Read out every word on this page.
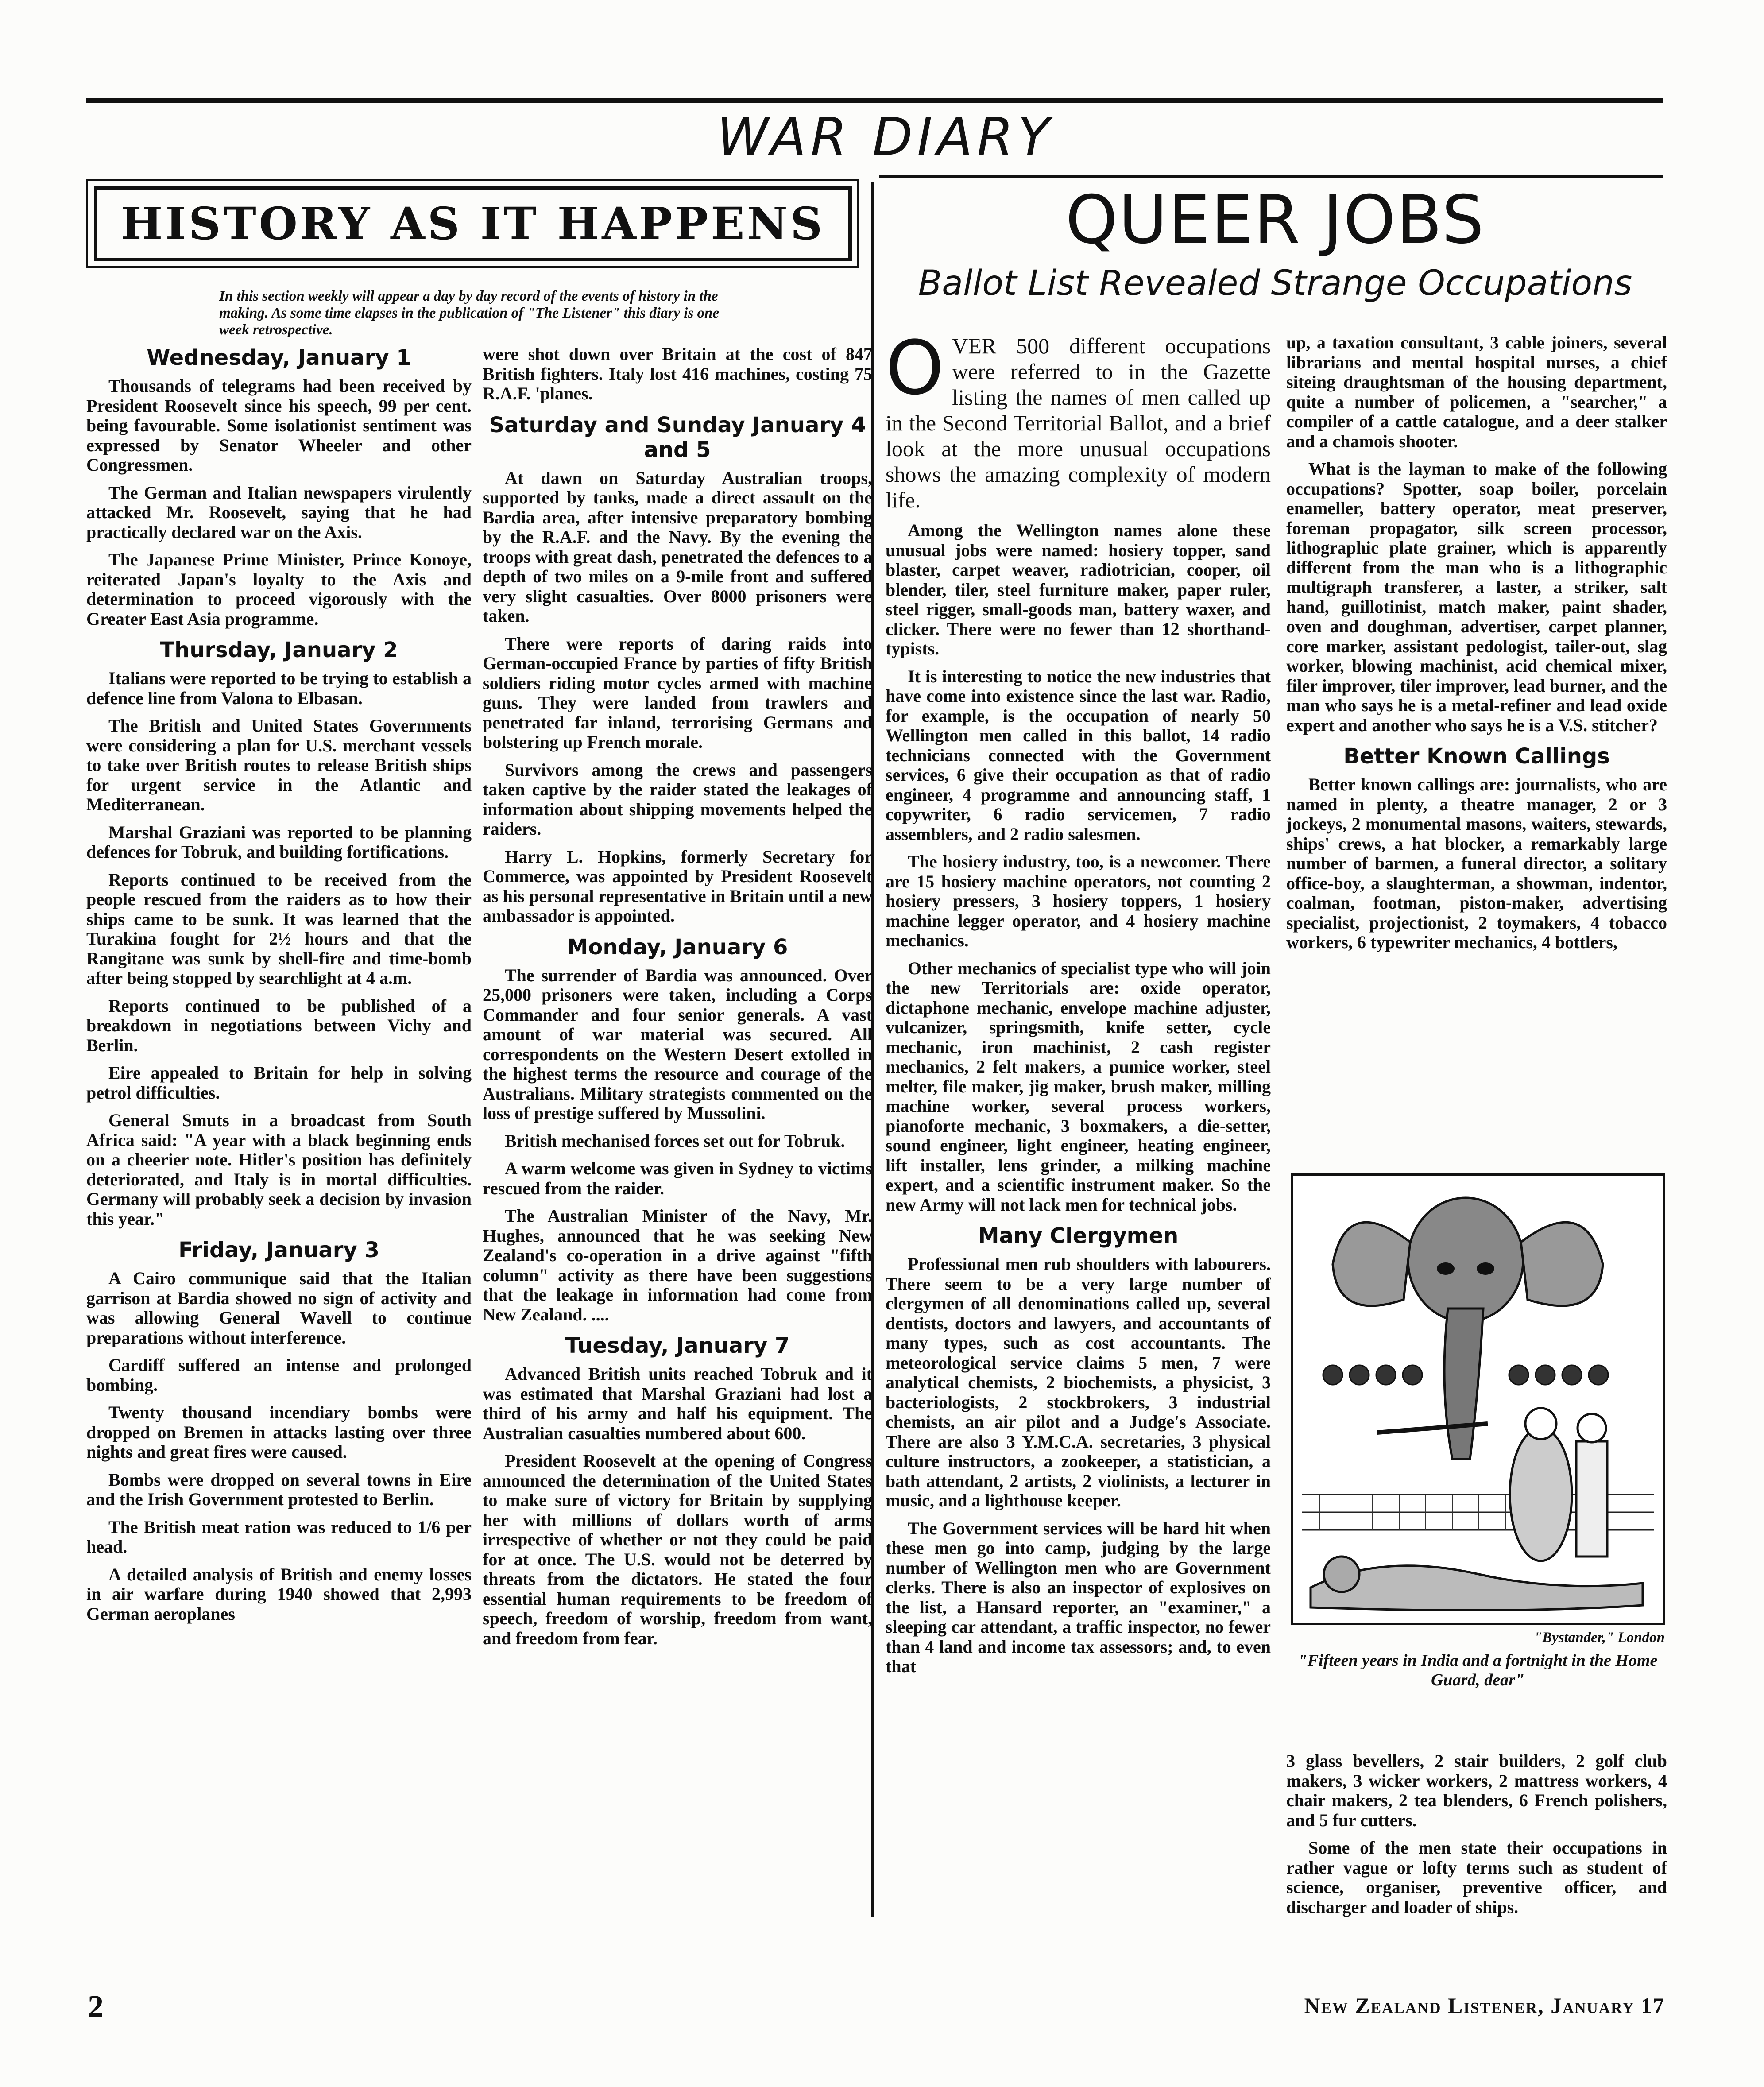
WAR DIARY
HISTORY AS IT HAPPENS

In this section weekly will appear a day by day record of the events of history in the making. As some time elapses in the publication of "The Listener" this diary is one week retrospective.

Wednesday, January 1

Thousands of telegrams had been received by President Roosevelt since his speech, 99 per cent. being favourable. Some isolationist sentiment was expressed by Senator Wheeler and other Congressmen.

The German and Italian newspapers virulently attacked Mr. Roosevelt, saying that he had practically declared war on the Axis.

The Japanese Prime Minister, Prince Konoye, reiterated Japan's loyalty to the Axis and determination to proceed vigorously with the Greater East Asia programme.

Thursday, January 2

Italians were reported to be trying to establish a defence line from Valona to Elbasan.

The British and United States Governments were considering a plan for U.S. merchant vessels to take over British routes to release British ships for urgent service in the Atlantic and Mediterranean.

Marshal Graziani was reported to be planning defences for Tobruk, and building fortifications.

Reports continued to be received from the people rescued from the raiders as to how their ships came to be sunk. It was learned that the Turakina fought for 2½ hours and that the Rangitane was sunk by shell-fire and time-bomb after being stopped by searchlight at 4 a.m.

Reports continued to be published of a breakdown in negotiations between Vichy and Berlin.

Eire appealed to Britain for help in solving petrol difficulties.

General Smuts in a broadcast from South Africa said: "A year with a black beginning ends on a cheerier note. Hitler's position has definitely deteriorated, and Italy is in mortal difficulties. Germany will probably seek a decision by invasion this year."

Friday, January 3

A Cairo communique said that the Italian garrison at Bardia showed no sign of activity and was allowing General Wavell to continue preparations without interference.

Cardiff suffered an intense and prolonged bombing.

Twenty thousand incendiary bombs were dropped on Bremen in attacks lasting over three nights and great fires were caused.

Bombs were dropped on several towns in Eire and the Irish Government protested to Berlin.

The British meat ration was reduced to 1/6 per head.

A detailed analysis of British and enemy losses in air warfare during 1940 showed that 2,993 German aeroplanes

were shot down over Britain at the cost of 847 British fighters. Italy lost 416 machines, costing 75 R.A.F. 'planes.

Saturday and Sunday January 4 and 5

At dawn on Saturday Australian troops, supported by tanks, made a direct assault on the Bardia area, after intensive preparatory bombing by the R.A.F. and the Navy. By the evening the troops with great dash, penetrated the defences to a depth of two miles on a 9-mile front and suffered very slight casualties. Over 8000 prisoners were taken.

There were reports of daring raids into German-occupied France by parties of fifty British soldiers riding motor cycles armed with machine guns. They were landed from trawlers and penetrated far inland, terrorising Germans and bolstering up French morale.

Survivors among the crews and passengers taken captive by the raider stated the leakages of information about shipping movements helped the raiders.

Harry L. Hopkins, formerly Secretary for Commerce, was appointed by President Roosevelt as his personal representative in Britain until a new ambassador is appointed.

Monday, January 6

The surrender of Bardia was announced. Over 25,000 prisoners were taken, including a Corps Commander and four senior generals. A vast amount of war material was secured. All correspondents on the Western Desert extolled in the highest terms the resource and courage of the Australians. Military strategists commented on the loss of prestige suffered by Mussolini.

British mechanised forces set out for Tobruk.

A warm welcome was given in Sydney to victims rescued from the raider.

The Australian Minister of the Navy, Mr. Hughes, announced that he was seeking New Zealand's co-operation in a drive against "fifth column" activity as there have been suggestions that the leakage in information had come from New Zealand. ....

Tuesday, January 7

Advanced British units reached Tobruk and it was estimated that Marshal Graziani had lost a third of his army and half his equipment. The Australian casualties numbered about 600.

President Roosevelt at the opening of Congress announced the determination of the United States to make sure of victory for Britain by supplying her with millions of dollars worth of arms irrespective of whether or not they could be paid for at once. The U.S. would not be deterred by threats from the dictators. He stated the four essential human requirements to be freedom of speech, freedom of worship, freedom from want, and freedom from fear.

QUEER JOBS
Ballot List Revealed Strange Occupations

OVER 500 different occupations were referred to in the Gazette listing the names of men called up in the Second Territorial Ballot, and a brief look at the more unusual occupations shows the amazing complexity of modern life.

Among the Wellington names alone these unusual jobs were named: hosiery topper, sand blaster, carpet weaver, radiotrician, cooper, oil blender, tiler, steel furniture maker, paper ruler, steel rigger, small-goods man, battery waxer, and clicker. There were no fewer than 12 shorthand-typists.

It is interesting to notice the new industries that have come into existence since the last war. Radio, for example, is the occupation of nearly 50 Wellington men called in this ballot, 14 radio technicians connected with the Government services, 6 give their occupation as that of radio engineer, 4 programme and announcing staff, 1 copywriter, 6 radio servicemen, 7 radio assemblers, and 2 radio salesmen.

The hosiery industry, too, is a newcomer. There are 15 hosiery machine operators, not counting 2 hosiery pressers, 3 hosiery toppers, 1 hosiery machine legger operator, and 4 hosiery machine mechanics.

Other mechanics of specialist type who will join the new Territorials are: oxide operator, dictaphone mechanic, envelope machine adjuster, vulcanizer, springsmith, knife setter, cycle mechanic, iron machinist, 2 cash register mechanics, 2 felt makers, a pumice worker, steel melter, file maker, jig maker, brush maker, milling machine worker, several process workers, pianoforte mechanic, 3 boxmakers, a die-setter, sound engineer, light engineer, heating engineer, lift installer, lens grinder, a milking machine expert, and a scientific instrument maker. So the new Army will not lack men for technical jobs.

Many Clergymen

Professional men rub shoulders with labourers. There seem to be a very large number of clergymen of all denominations called up, several dentists, doctors and lawyers, and accountants of many types, such as cost accountants. The meteorological service claims 5 men, 7 were analytical chemists, 2 biochemists, a physicist, 3 bacteriologists, 2 stockbrokers, 3 industrial chemists, an air pilot and a Judge's Associate. There are also 3 Y.M.C.A. secretaries, 3 physical culture instructors, a zookeeper, a statistician, a bath attendant, 2 artists, 2 violinists, a lecturer in music, and a lighthouse keeper.

The Government services will be hard hit when these men go into camp, judging by the large number of Wellington men who are Government clerks. There is also an inspector of explosives on the list, a Hansard reporter, an "examiner," a sleeping car attendant, a traffic inspector, no fewer than 4 land and income tax assessors; and, to even that

up, a taxation consultant, 3 cable joiners, several librarians and mental hospital nurses, a chief siteing draughtsman of the housing department, quite a number of policemen, a "searcher," a compiler of a cattle catalogue, and a deer stalker and a chamois shooter.

What is the layman to make of the following occupations? Spotter, soap boiler, porcelain enameller, battery operator, meat preserver, foreman propagator, silk screen processor, lithographic plate grainer, which is apparently different from the man who is a lithographic multigraph transferer, a laster, a striker, salt hand, guillotinist, match maker, paint shader, oven and doughman, advertiser, carpet planner, core marker, assistant pedologist, tailer-out, slag worker, blowing machinist, acid chemical mixer, filer improver, tiler improver, lead burner, and the man who says he is a metal-refiner and lead oxide expert and another who says he is a V.S. stitcher?

Better Known Callings

Better known callings are: journalists, who are named in plenty, a theatre manager, 2 or 3 jockeys, 2 monumental masons, waiters, stewards, ships' crews, a hat blocker, a remarkably large number of barmen, a funeral director, a solitary office-boy, a slaughterman, a showman, indentor, coalman, footman, piston-maker, advertising specialist, projectionist, 2 toymakers, 4 tobacco workers, 6 typewriter mechanics, 4 bottlers,

"Bystander," London

"Fifteen years in India and a fortnight in the Home Guard, dear"

3 glass bevellers, 2 stair builders, 2 golf club makers, 3 wicker workers, 2 mattress workers, 4 chair makers, 2 tea blenders, 6 French polishers, and 5 fur cutters.

Some of the men state their occupations in rather vague or lofty terms such as student of science, organiser, preventive officer, and discharger and loader of ships.

2	New Zealand Listener, January 17
